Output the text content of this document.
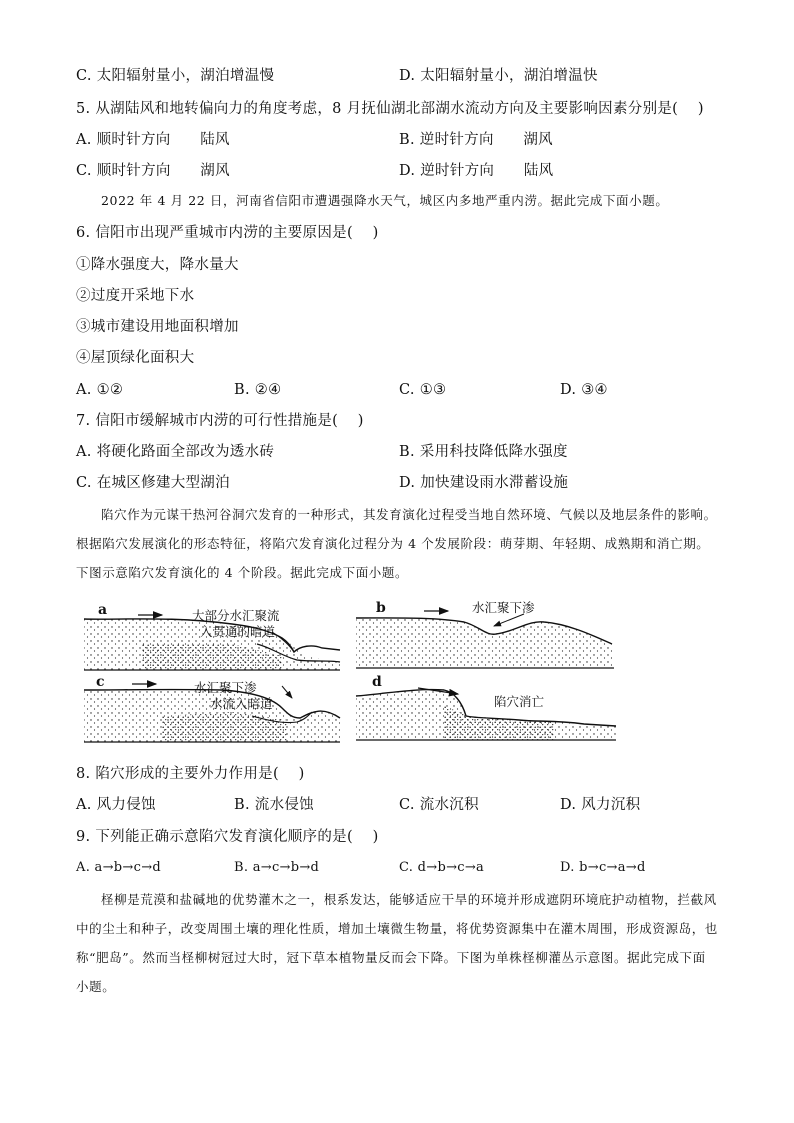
C. 太阳辐射量小，湖泊增温慢	D. 太阳辐射量小，湖泊增温快
5. 从湖陆风和地转偏向力的角度考虑，8 月抚仙湖北部湖水流动方向及主要影响因素分别是(　 )
A. 顺时针方向　　陆风	B. 逆时针方向　　湖风
C. 顺时针方向　　湖风	D. 逆时针方向　　陆风

2022 年 4 月 22 日，河南省信阳市遭遇强降水天气，城区内多地严重内涝。据此完成下面小题。

6. 信阳市出现严重城市内涝的主要原因是(　 )
①降水强度大，降水量大
②过度开采地下水
③城市建设用地面积增加
④屋顶绿化面积大
A. ①②	B. ②④	C. ①③	D. ③④
7. 信阳市缓解城市内涝的可行性措施是(　 )
A. 将硬化路面全部改为透水砖	B. 采用科技降低降水强度
C. 在城区修建大型湖泊	D. 加快建设雨水滞蓄设施

陷穴作为元谋干热河谷洞穴发育的一种形式，其发育演化过程受当地自然环境、气候以及地层条件的影响。根据陷穴发展演化的形态特征，将陷穴发育演化过程分为 4 个发展阶段：萌芽期、年轻期、成熟期和消亡期。下图示意陷穴发育演化的 4 个阶段。据此完成下面小题。

a	大部分水汇聚流
入贯通的暗道
b	水汇聚下渗
c	水汇聚下渗
水流入暗道
d
陷穴消亡
8. 陷穴形成的主要外力作用是(　 )
A. 风力侵蚀	B. 流水侵蚀	C. 流水沉积	D. 风力沉积
9. 下列能正确示意陷穴发育演化顺序的是(　 )
A. a→b→c→d	B. a→c→b→d	C. d→b→c→a	D. b→c→a→d

柽柳是荒漠和盐碱地的优势灌木之一，根系发达，能够适应干旱的环境并形成遮阴环境庇护动植物，拦截风中的尘土和种子，改变周围土壤的理化性质，增加土壤微生物量，将优势资源集中在灌木周围，形成资源岛，也称“肥岛”。然而当柽柳树冠过大时，冠下草本植物量反而会下降。下图为单株柽柳灌丛示意图。据此完成下面小题。
